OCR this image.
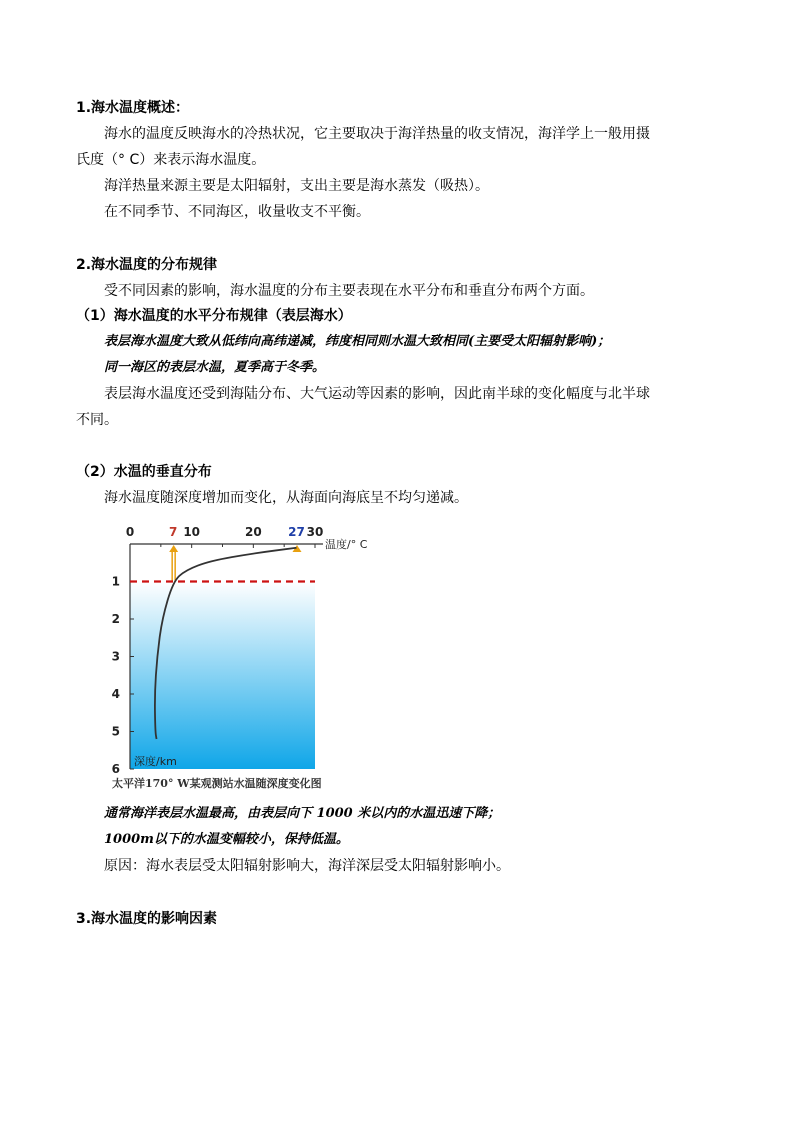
1.海水温度概述：
海水的温度反映海水的冷热状况，它主要取决于海洋热量的收支情况，海洋学上一般用摄
氏度（° C）来表示海水温度。
海洋热量来源主要是太阳辐射，支出主要是海水蒸发（吸热）。
在不同季节、不同海区，收量收支不平衡。
2.海水温度的分布规律
受不同因素的影响，海水温度的分布主要表现在水平分布和垂直分布两个方面。
（1）海水温度的水平分布规律（表层海水）
表层海水温度大致从低纬向高纬递减，纬度相同则水温大致相同(主要受太阳辐射影响)；
同一海区的表层水温，夏季高于冬季。
表层海水温度还受到海陆分布、大气运动等因素的影响，因此南半球的变化幅度与北半球
不同。
（2）水温的垂直分布
海水温度随深度增加而变化，从海面向海底呈不均匀递减。
0	10	20	30
1
2
3
4
5
6
7	27
温度/° C
深度/km
太平洋170° W某观测站水温随深度变化图
通常海洋表层水温最高，由表层向下 1000 米以内的水温迅速下降；
1000m以下的水温变幅较小，保持低温。
原因：海水表层受太阳辐射影响大，海洋深层受太阳辐射影响小。
3.海水温度的影响因素
